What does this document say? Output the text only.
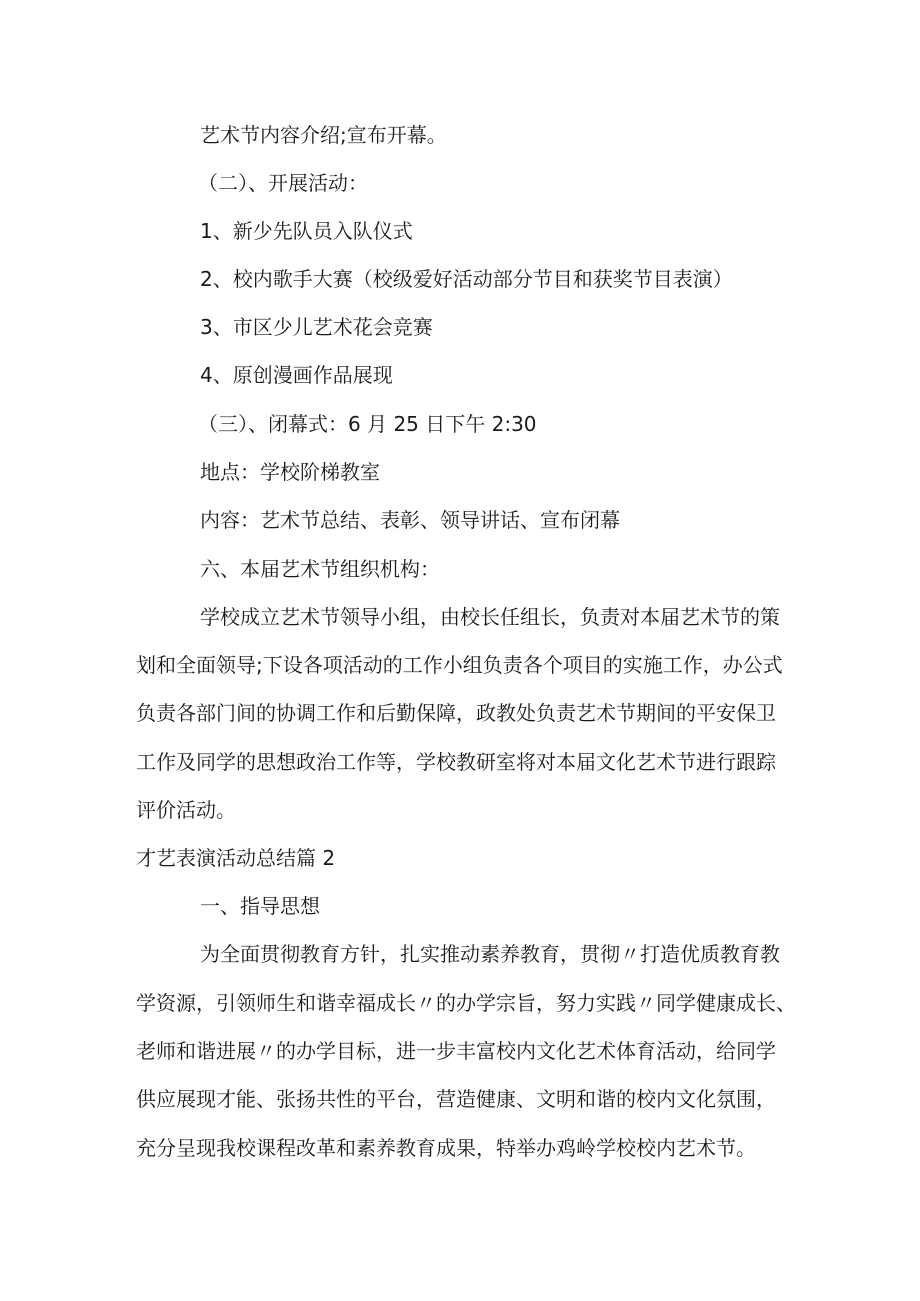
艺术节内容介绍;宣布开幕。

（二）、开展活动：

1、新少先队员入队仪式

2、校内歌手大赛（校级爱好活动部分节目和获奖节目表演）

3、市区少儿艺术花会竞赛

4、原创漫画作品展现

（三）、闭幕式：6 月 25 日下午 2:30

地点：学校阶梯教室

内容：艺术节总结、表彰、领导讲话、宣布闭幕

六、本届艺术节组织机构：

学校成立艺术节领导小组，由校长任组长，负责对本届艺术节的策

划和全面领导;下设各项活动的工作小组负责各个项目的实施工作，办公式

负责各部门间的协调工作和后勤保障，政教处负责艺术节期间的平安保卫

工作及同学的思想政治工作等，学校教研室将对本届文化艺术节进行跟踪

评价活动。

才艺表演活动总结篇 2

一、指导思想

为全面贯彻教育方针，扎实推动素养教育，贯彻〃打造优质教育教

学资源，引领师生和谐幸福成长〃的办学宗旨，努力实践〃同学健康成长、

老师和谐进展〃的办学目标，进一步丰富校内文化艺术体育活动，给同学

供应展现才能、张扬共性的平台，营造健康、文明和谐的校内文化氛围，

充分呈现我校课程改革和素养教育成果，特举办鸡岭学校校内艺术节。
